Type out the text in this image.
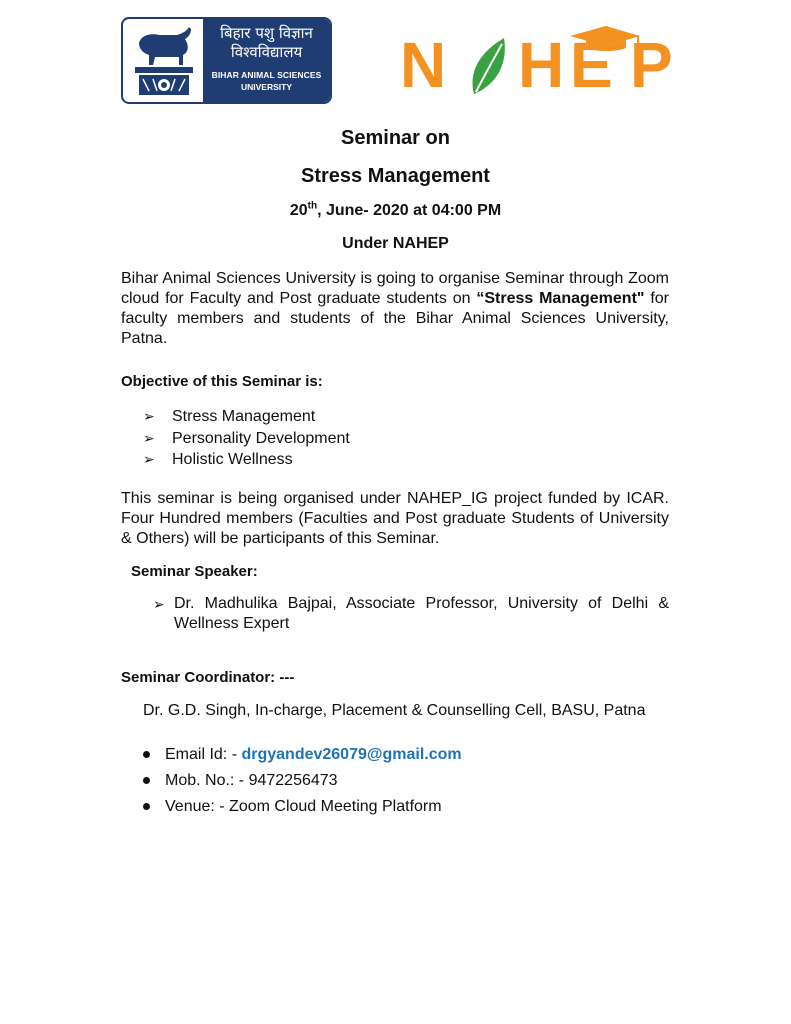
बिहार पशु विज्ञान
विश्वविद्यालय
BIHAR ANIMAL SCIENCES
UNIVERSITY	N H E P
Seminar on
Stress Management
20th, June- 2020 at 04:00 PM
Under NAHEP
Bihar Animal Sciences University is going to organise Seminar through Zoom cloud for Faculty and Post graduate students on “Stress Management" for faculty members and students of the Bihar Animal Sciences University, Patna.
Objective of this Seminar is:
➢ Stress Management
➢ Personality Development
➢ Holistic Wellness
This seminar is being organised under NAHEP_IG project funded by ICAR. Four Hundred members (Faculties and Post graduate Students of University & Others) will be participants of this Seminar.
Seminar Speaker:
➢ Dr. Madhulika Bajpai, Associate Professor, University of Delhi & Wellness Expert
Seminar Coordinator: ---
Dr. G.D. Singh, In-charge, Placement & Counselling Cell, BASU, Patna
Email Id: - drgyandev26079@gmail.com
Mob. No.: - 9472256473
Venue: - Zoom Cloud Meeting Platform
